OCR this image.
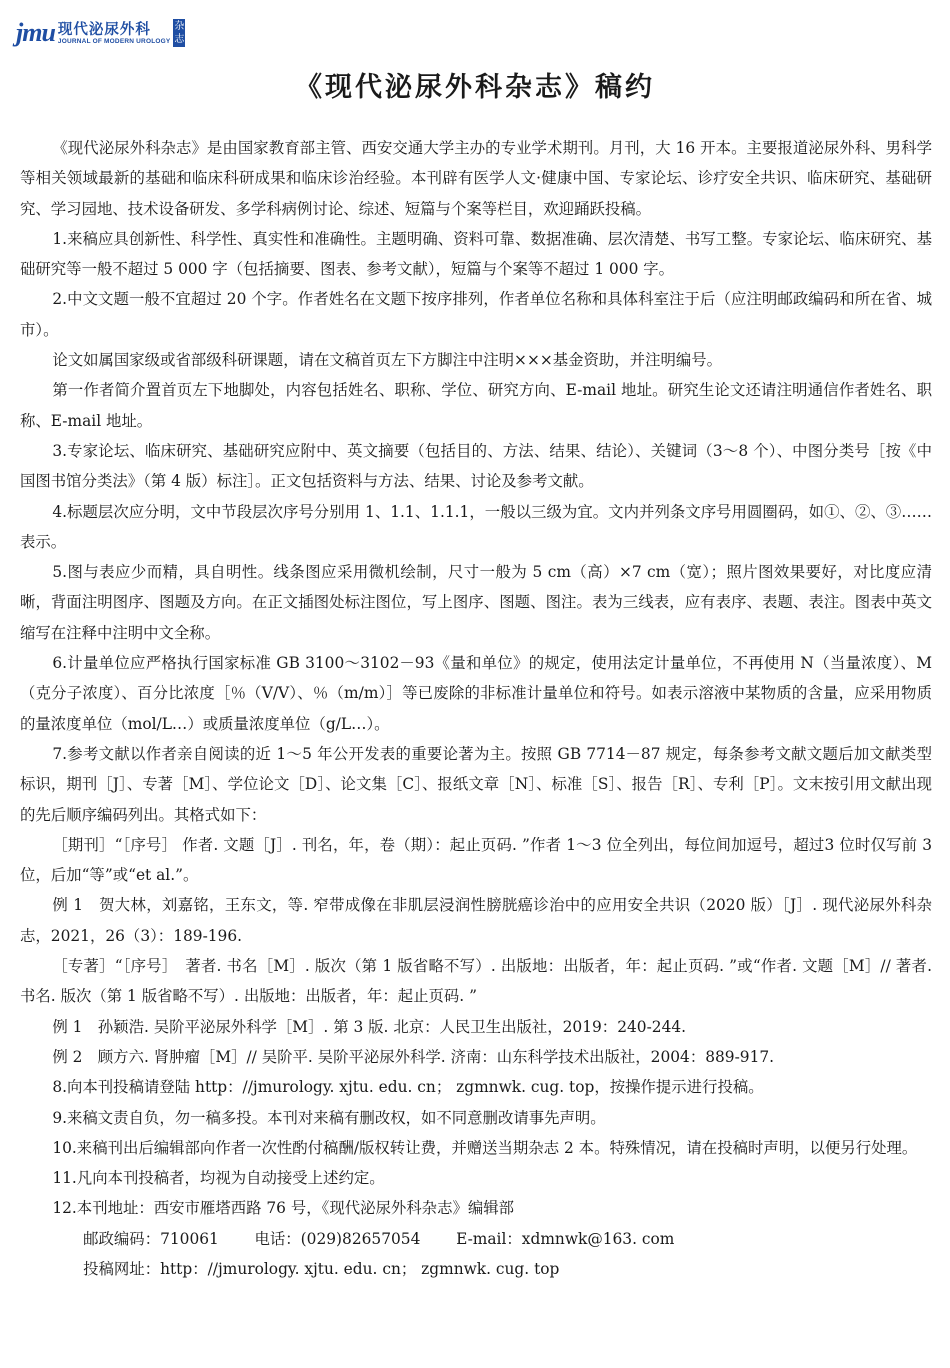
jmu 现代泌尿外科
JOURNAL OF MODERN UROLOGY
杂志
《现代泌尿外科杂志》稿约

《现代泌尿外科杂志》是由国家教育部主管、西安交通大学主办的专业学术期刊。月刊，大 16 开本。主要报道泌尿外科、男科学等相关领域最新的基础和临床科研成果和临床诊治经验。本刊辟有医学人文·健康中国、专家论坛、诊疗安全共识、临床研究、基础研究、学习园地、技术设备研发、多学科病例讨论、综述、短篇与个案等栏目，欢迎踊跃投稿。

1.来稿应具创新性、科学性、真实性和准确性。主题明确、资料可靠、数据准确、层次清楚、书写工整。专家论坛、临床研究、基础研究等一般不超过 5 000 字（包括摘要、图表、参考文献），短篇与个案等不超过 1 000 字。

2.中文文题一般不宜超过 20 个字。作者姓名在文题下按序排列，作者单位名称和具体科室注于后（应注明邮政编码和所在省、城市）。

论文如属国家级或省部级科研课题，请在文稿首页左下方脚注中注明×××基金资助，并注明编号。

第一作者简介置首页左下地脚处，内容包括姓名、职称、学位、研究方向、E-mail 地址。研究生论文还请注明通信作者姓名、职称、E-mail 地址。

3.专家论坛、临床研究、基础研究应附中、英文摘要（包括目的、方法、结果、结论）、关键词（3～8 个）、中图分类号［按《中国图书馆分类法》（第 4 版）标注］。正文包括资料与方法、结果、讨论及参考文献。

4.标题层次应分明，文中节段层次序号分别用 1、1.1、1.1.1，一般以三级为宜。文内并列条文序号用圆圈码，如①、②、③……表示。

5.图与表应少而精，具自明性。线条图应采用微机绘制，尺寸一般为 5 cm（高）×7 cm（宽）；照片图效果要好，对比度应清晰，背面注明图序、图题及方向。在正文插图处标注图位，写上图序、图题、图注。表为三线表，应有表序、表题、表注。图表中英文缩写在注释中注明中文全称。

6.计量单位应严格执行国家标准 GB 3100～3102－93《量和单位》的规定，使用法定计量单位，不再使用 N（当量浓度）、M（克分子浓度）、百分比浓度［％（V/V）、％（m/m）］等已废除的非标准计量单位和符号。如表示溶液中某物质的含量，应采用物质的量浓度单位（mol/L…）或质量浓度单位（g/L…）。

7.参考文献以作者亲自阅读的近 1～5 年公开发表的重要论著为主。按照 GB 7714－87 规定，每条参考文献文题后加文献类型标识，期刊［J］、专著［M］、学位论文［D］、论文集［C］、报纸文章［N］、标准［S］、报告［R］、专利［P］。文末按引用文献出现的先后顺序编码列出。其格式如下：

［期刊］“［序号］ 作者. 文题［J］. 刊名，年，卷（期）：起止页码. ”作者 1～3 位全列出，每位间加逗号，超过3 位时仅写前 3 位，后加“等”或“et al.”。

例 1　贺大林，刘嘉铭，王东文，等. 窄带成像在非肌层浸润性膀胱癌诊治中的应用安全共识（2020 版）［J］. 现代泌尿外科杂志，2021，26（3）：189-196.

［专著］“［序号］　著者. 书名［M］. 版次（第 1 版省略不写）. 出版地：出版者，年：起止页码. ”或“作者. 文题［M］// 著者. 书名. 版次（第 1 版省略不写）. 出版地：出版者，年：起止页码. ”

例 1　孙颖浩. 吴阶平泌尿外科学［M］. 第 3 版. 北京：人民卫生出版社，2019：240-244.

例 2　顾方六. 肾肿瘤［M］// 吴阶平. 吴阶平泌尿外科学. 济南：山东科学技术出版社，2004：889-917.

8.向本刊投稿请登陆 http：//jmurology. xjtu. edu. cn； zgmnwk. cug. top，按操作提示进行投稿。

9.来稿文责自负，勿一稿多投。本刊对来稿有删改权，如不同意删改请事先声明。

10.来稿刊出后编辑部向作者一次性酌付稿酬/版权转让费，并赠送当期杂志 2 本。特殊情况，请在投稿时声明，以便另行处理。

11.凡向本刊投稿者，均视为自动接受上述约定。

12.本刊地址：西安市雁塔西路 76 号，《现代泌尿外科杂志》编辑部

邮政编码：710061　　 电话：(029)82657054　　 E-mail：xdmnwk@163. com

投稿网址：http：//jmurology. xjtu. edu. cn； zgmnwk. cug. top
